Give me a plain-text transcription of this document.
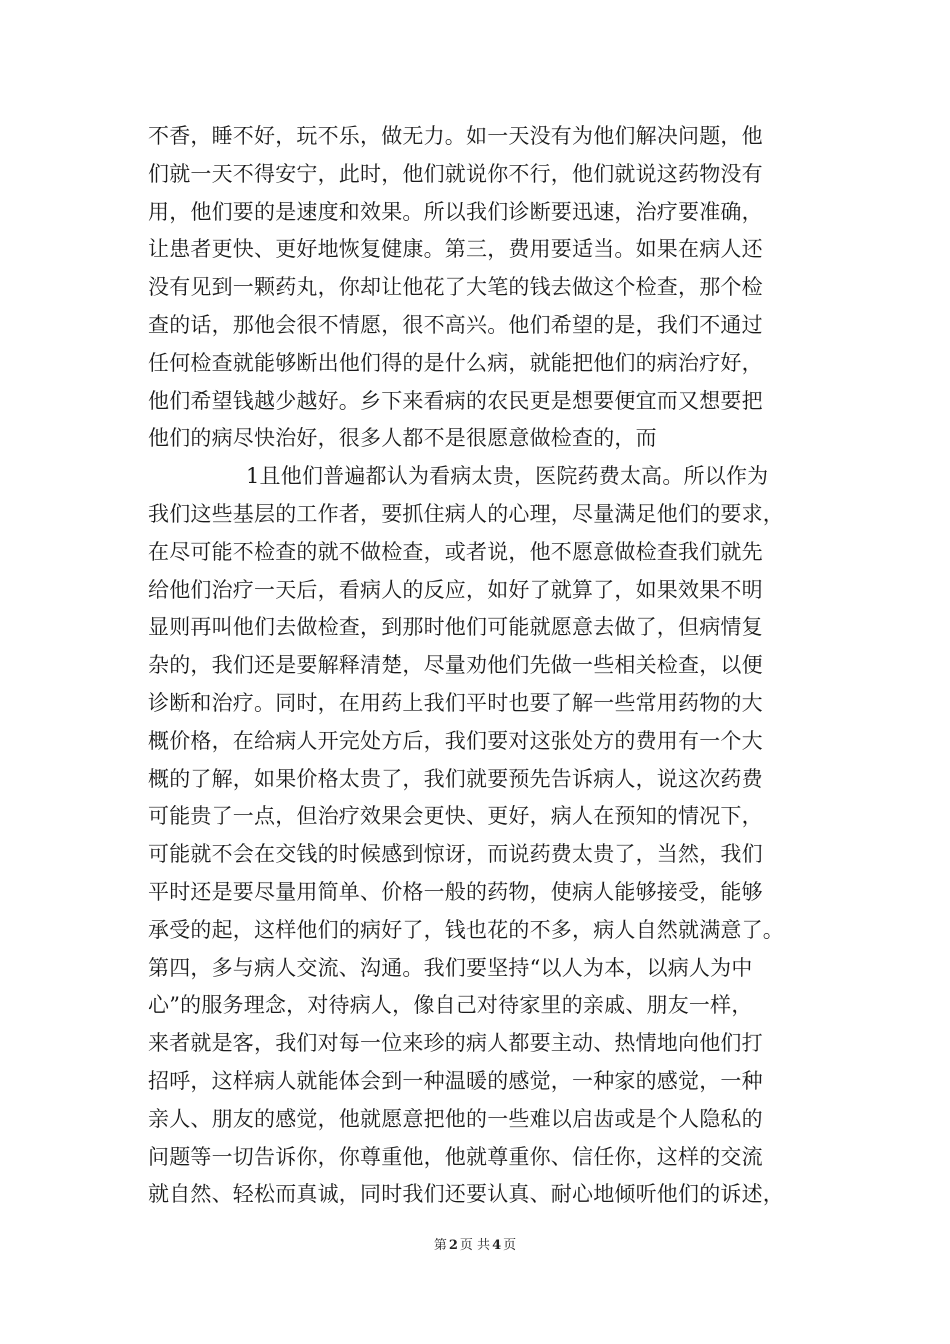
不香，睡不好，玩不乐，做无力。如一天没有为他们解决问题，他
们就一天不得安宁，此时，他们就说你不行，他们就说这药物没有
用，他们要的是速度和效果。所以我们诊断要迅速，治疗要准确，
让患者更快、更好地恢复健康。第三，费用要适当。如果在病人还
没有见到一颗药丸，你却让他花了大笔的钱去做这个检查，那个检
查的话，那他会很不情愿，很不高兴。他们希望的是，我们不通过
任何检查就能够断出他们得的是什么病，就能把他们的病治疗好，
他们希望钱越少越好。乡下来看病的农民更是想要便宜而又想要把
他们的病尽快治好，很多人都不是很愿意做检查的，而
1且他们普遍都认为看病太贵，医院药费太高。所以作为
我们这些基层的工作者，要抓住病人的心理，尽量满足他们的要求，
在尽可能不检查的就不做检查，或者说，他不愿意做检查我们就先
给他们治疗一天后，看病人的反应，如好了就算了，如果效果不明
显则再叫他们去做检查，到那时他们可能就愿意去做了，但病情复
杂的，我们还是要解释清楚，尽量劝他们先做一些相关检查，以便
诊断和治疗。同时，在用药上我们平时也要了解一些常用药物的大
概价格，在给病人开完处方后，我们要对这张处方的费用有一个大
概的了解，如果价格太贵了，我们就要预先告诉病人，说这次药费
可能贵了一点，但治疗效果会更快、更好，病人在预知的情况下，
可能就不会在交钱的时候感到惊讶，而说药费太贵了，当然，我们
平时还是要尽量用简单、价格一般的药物，使病人能够接受，能够
承受的起，这样他们的病好了，钱也花的不多，病人自然就满意了。
第四，多与病人交流、沟通。我们要坚持“以人为本，以病人为中
心”的服务理念，对待病人，像自己对待家里的亲戚、朋友一样，
来者就是客，我们对每一位来珍的病人都要主动、热情地向他们打
招呼，这样病人就能体会到一种温暖的感觉，一种家的感觉，一种
亲人、朋友的感觉，他就愿意把他的一些难以启齿或是个人隐私的
问题等一切告诉你，你尊重他，他就尊重你、信任你，这样的交流
就自然、轻松而真诚，同时我们还要认真、耐心地倾听他们的诉述，
第 2 页 共 4 页
